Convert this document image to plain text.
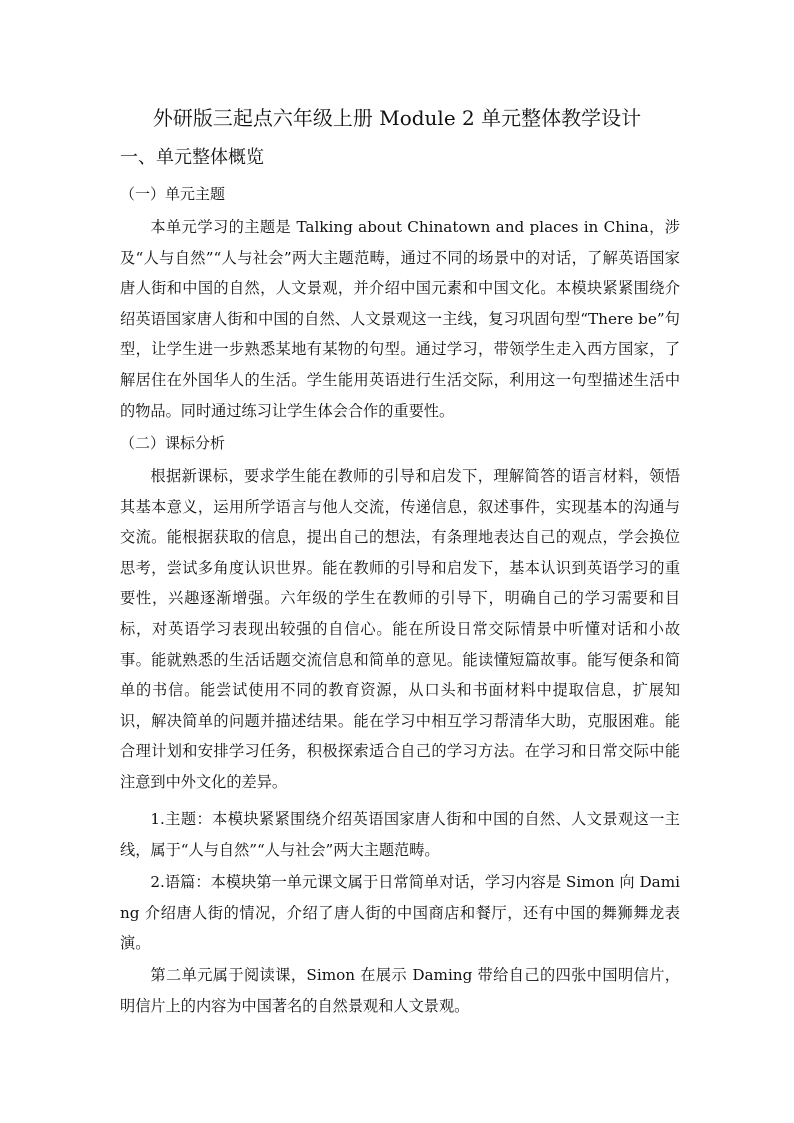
外研版三起点六年级上册 Module 2 单元整体教学设计
一、单元整体概览
（一）单元主题

本单元学习的主题是 Talking about Chinatown and places in China，涉及“人与自然”“人与社会”两大主题范畴，通过不同的场景中的对话，了解英语国家唐人街和中国的自然，人文景观，并介绍中国元素和中国文化。本模块紧紧围绕介绍英语国家唐人街和中国的自然、人文景观这一主线，复习巩固句型“There be”句型，让学生进一步熟悉某地有某物的句型。通过学习，带领学生走入西方国家，了解居住在外国华人的生活。学生能用英语进行生活交际，利用这一句型描述生活中的物品。同时通过练习让学生体会合作的重要性。

（二）课标分析

根据新课标，要求学生能在教师的引导和启发下，理解简答的语言材料，领悟其基本意义，运用所学语言与他人交流，传递信息，叙述事件，实现基本的沟通与交流。能根据获取的信息，提出自己的想法，有条理地表达自己的观点，学会换位思考，尝试多角度认识世界。能在教师的引导和启发下，基本认识到英语学习的重要性，兴趣逐渐增强。六年级的学生在教师的引导下，明确自己的学习需要和目标，对英语学习表现出较强的自信心。能在所设日常交际情景中听懂对话和小故事。能就熟悉的生活话题交流信息和简单的意见。能读懂短篇故事。能写便条和简单的书信。能尝试使用不同的教育资源，从口头和书面材料中提取信息，扩展知识，解决简单的问题并描述结果。能在学习中相互学习帮清华大助，克服困难。能合理计划和安排学习任务，积极探索适合自己的学习方法。在学习和日常交际中能注意到中外文化的差异。

1.主题：本模块紧紧围绕介绍英语国家唐人街和中国的自然、人文景观这一主线，属于“人与自然”“人与社会”两大主题范畴。

2.语篇：本模块第一单元课文属于日常简单对话，学习内容是 Simon 向 Daming 介绍唐人街的情况，介绍了唐人街的中国商店和餐厅，还有中国的舞狮舞龙表演。

第二单元属于阅读课，Simon 在展示 Daming 带给自己的四张中国明信片，明信片上的内容为中国著名的自然景观和人文景观。
